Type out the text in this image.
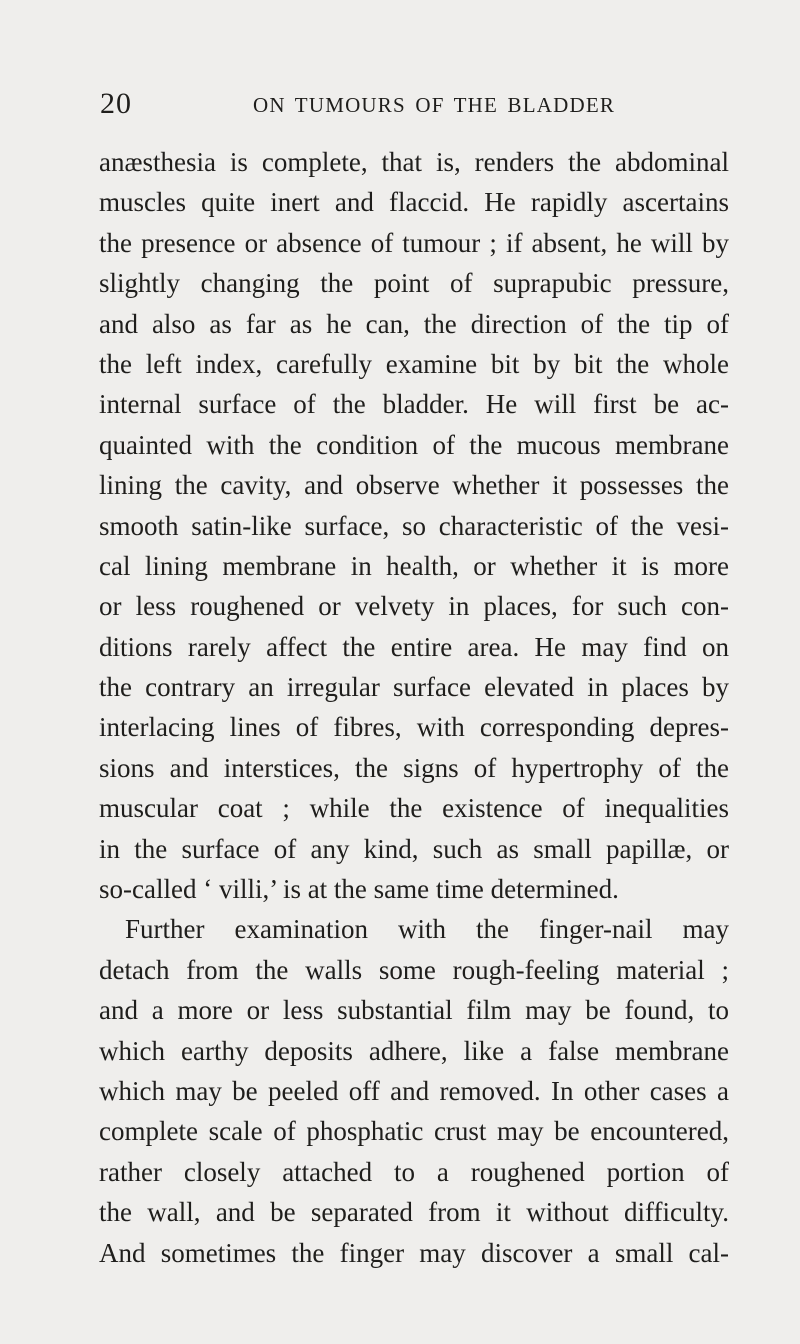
20	ON TUMOURS OF THE BLADDER
anæsthesia is complete, that is, renders the abdominal
muscles quite inert and flaccid. He rapidly ascertains
the presence or absence of tumour ; if absent, he will by
slightly changing the point of suprapubic pressure,
and also as far as he can, the direction of the tip of
the left index, carefully examine bit by bit the whole
internal surface of the bladder. He will first be ac-
quainted with the condition of the mucous membrane
lining the cavity, and observe whether it possesses the
smooth satin-like surface, so characteristic of the vesi-
cal lining membrane in health, or whether it is more
or less roughened or velvety in places, for such con-
ditions rarely affect the entire area. He may find on
the contrary an irregular surface elevated in places by
interlacing lines of fibres, with corresponding depres-
sions and interstices, the signs of hypertrophy of the
muscular coat ; while the existence of inequalities
in the surface of any kind, such as small papillæ, or
so-called ‘ villi,’ is at the same time determined.
Further examination with the finger-nail may
detach from the walls some rough-feeling material ;
and a more or less substantial film may be found, to
which earthy deposits adhere, like a false membrane
which may be peeled off and removed. In other cases a
complete scale of phosphatic crust may be encountered,
rather closely attached to a roughened portion of
the wall, and be separated from it without difficulty.
And sometimes the finger may discover a small cal-
